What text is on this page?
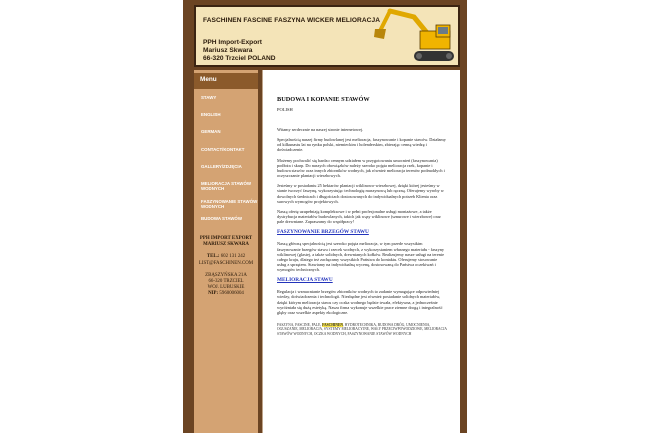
FASCHINEN FASCINE FASZYNA WICKER MELIORACJA
PPH Import-Export
Mariusz Skwara
66-320 Trzciel POLAND
Menu
STAWY
ENGLISH
GERMAN
CONTACT/KONTAKT
GALLERY/ZDJĘCIA
MELIORACJA STAWÓW WODNYCH
FASZYNOWANIE STAWÓW WODNYCH
BUDOWA STAWÓW
PPH IMPORT EXPORT
MARIUSZ SKWARA
TEL.: 602 131 242
LIST@FASCHINEN.COM
ZBĄSZYŃSKA 21A
66-320 TRZCIEL
WOJ. LUBUSKIE
NIP: 5960006004
BUDOWA I KOPANIE STAWÓW
POLISH
Witamy serdecznie na naszej stronie internetowej.
Specjalnością naszej firmy budowlanej jest melioracja, faszynowanie i kopanie stawów. Działamy od kilkunastu lat na rynku polski, niemieckim i holenderskim, zbierając cenną wiedzę i doświadczenie.
Możemy pochwalić się bardzo cennym udziałem w przygotowaniu umocnień (faszynowania) podłoża i skarp. Do naszych obowiązków należy szeroko pojęta melioracja rzek, kopanie i budowa stawów oraz innych zbiorników wodnych, jak również melioracja terenów podmokłych i oczyszczanie plantacji wierzbowych.
Jesteśmy w posiadaniu 25 hektarów plantacji wiklinowo-wierzbowej, dzięki której jesteśmy w stanie tworzyć faszynę, wykorzystując technologię maszynową lub ręczną. Oferujemy wyroby w dowolnych średnicach i długościach dostosowanych do indywidualnych potrzeb Klienta oraz surowych wymogów projektowych.
Naszą ofertę uzupełniają kompleksowe i w pełni profesjonalne usługi montażowe, a także dystrybucja materiałów budowlanych, takich jak wąsy wiklinowe (sznurowe i wierzbowe) oraz pale drewniane. Zapraszamy do współpracy!
FASZYNOWANIE BRZEGÓW STAWU
Naszą główną specjalnością jest szeroko pojęta melioracja, w tym przede wszystkim faszynowanie brzegów stawu i rzecek wodnych, z wykorzystaniem własnego materiału - faszyny wiklinowej (glastej, a także solidnych, drewnianych kołków. Realizujemy nasze usługi na terenie całego kraju, dlatego też zachęcamy wszystkich Państwa do kontaktu. Oferujemy stosowanie usług z sprzętem. Stawiamy na indywidualną wycenę, dostosowaną do Państwa oczekiwań i wymogów technicznych.
MELIORACJA STAWU
Regulacja i wzmacnianie brzegów zbiorników wodnych to zadanie wymagające odpowiedniej wiedzy, doświadczenia i technologii. Niezbędne jest również posiadanie solidnych materiałów, dzięki którym melioracja stawu czy oczka wodnego będzie trwała, efektywna, a jednocześnie wyróżniała się dużą estetyką. Nasza firma wykonuje wszelkie prace ziemne drogą i integralność glęby oraz wszelkie aspekty ekologiczne.
FASZYNA, FASCINE, PALE, FASCHINEN, HYDROTECHNIKA, BUDOWA DRÓG, UMOCNIENIA, OGUSZANIE, MELIORACJA, SYSTEMY MELIORACYJNE, WAŁY PRZECIWPOWODZIOWE, MELIORACJA STAWÓW WODNYCH, OCZKA WODNYCH, FASZYNOWANIE STAWÓW WODNYCH
